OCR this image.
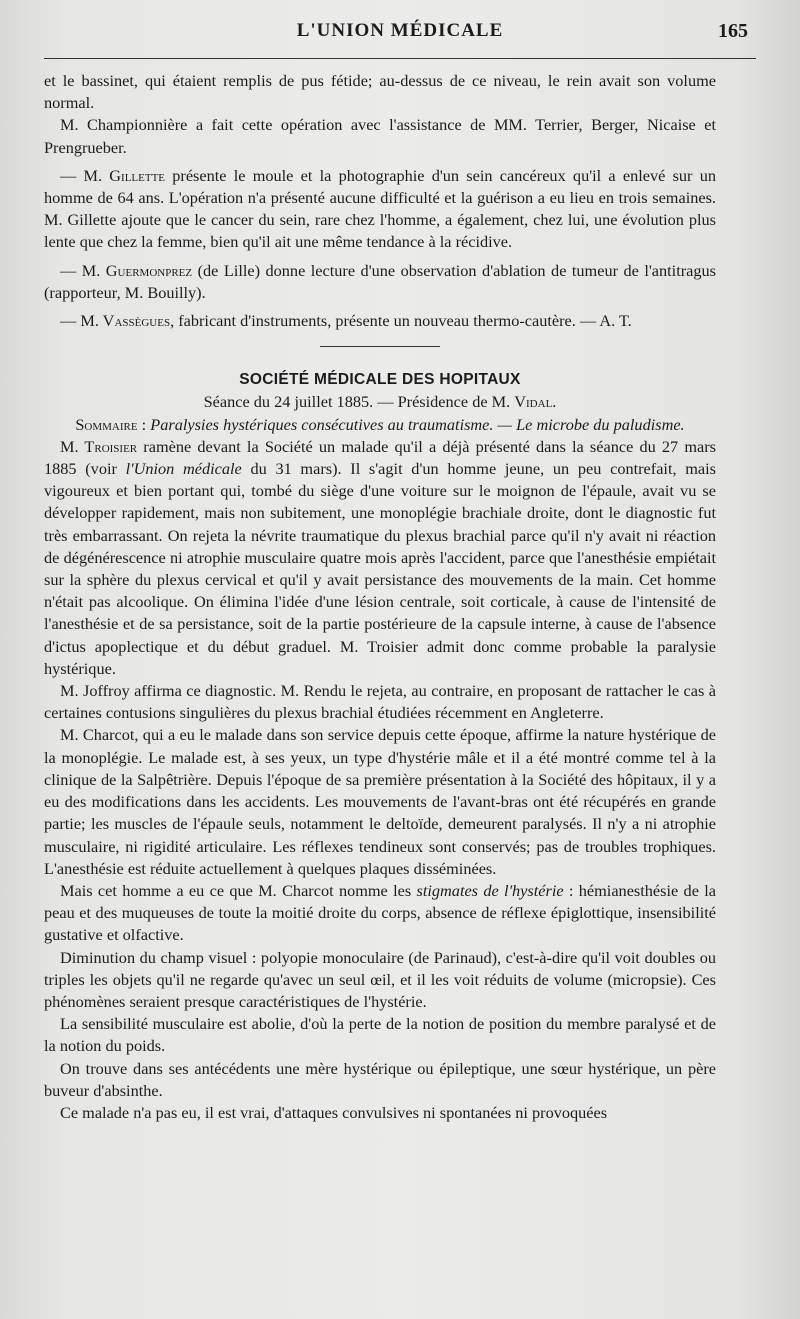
L'UNION MÉDICALE	165

et le bassinet, qui étaient remplis de pus fétide; au-dessus de ce niveau, le rein avait son volume normal.

M. Championnière a fait cette opération avec l'assistance de MM. Terrier, Berger, Nicaise et Prengrueber.

— M. Gillette présente le moule et la photographie d'un sein cancéreux qu'il a enlevé sur un homme de 64 ans. L'opération n'a présenté aucune difficulté et la guérison a eu lieu en trois semaines. M. Gillette ajoute que le cancer du sein, rare chez l'homme, a également, chez lui, une évolution plus lente que chez la femme, bien qu'il ait une même tendance à la récidive.

— M. Guermonprez (de Lille) donne lecture d'une observation d'ablation de tumeur de l'antitragus (rapporteur, M. Bouilly).

— M. Vassègues, fabricant d'instruments, présente un nouveau thermo-cautère. — A. T.

SOCIÉTÉ MÉDICALE DES HOPITAUX

Séance du 24 juillet 1885. — Présidence de M. Vidal.

Sommaire : Paralysies hystériques consécutives au traumatisme. — Le microbe du paludisme.

M. Troisier ramène devant la Société un malade qu'il a déjà présenté dans la séance du 27 mars 1885 (voir l'Union médicale du 31 mars). Il s'agit d'un homme jeune, un peu contrefait, mais vigoureux et bien portant qui, tombé du siège d'une voiture sur le moignon de l'épaule, avait vu se développer rapidement, mais non subitement, une monoplégie brachiale droite, dont le diagnostic fut très embarrassant. On rejeta la névrite traumatique du plexus brachial parce qu'il n'y avait ni réaction de dégénérescence ni atrophie musculaire quatre mois après l'accident, parce que l'anesthésie empiétait sur la sphère du plexus cervical et qu'il y avait persistance des mouvements de la main. Cet homme n'était pas alcoolique. On élimina l'idée d'une lésion centrale, soit corticale, à cause de l'intensité de l'anesthésie et de sa persistance, soit de la partie postérieure de la capsule interne, à cause de l'absence d'ictus apoplectique et du début graduel. M. Troisier admit donc comme probable la paralysie hystérique.

M. Joffroy affirma ce diagnostic. M. Rendu le rejeta, au contraire, en proposant de rattacher le cas à certaines contusions singulières du plexus brachial étudiées récemment en Angleterre.

M. Charcot, qui a eu le malade dans son service depuis cette époque, affirme la nature hystérique de la monoplégie. Le malade est, à ses yeux, un type d'hystérie mâle et il a été montré comme tel à la clinique de la Salpêtrière. Depuis l'époque de sa première présentation à la Société des hôpitaux, il y a eu des modifications dans les accidents. Les mouvements de l'avant-bras ont été récupérés en grande partie; les muscles de l'épaule seuls, notamment le deltoïde, demeurent paralysés. Il n'y a ni atrophie musculaire, ni rigidité articulaire. Les réflexes tendineux sont conservés; pas de troubles trophiques. L'anesthésie est réduite actuellement à quelques plaques disséminées.

Mais cet homme a eu ce que M. Charcot nomme les stigmates de l'hystérie : hémianesthésie de la peau et des muqueuses de toute la moitié droite du corps, absence de réflexe épiglottique, insensibilité gustative et olfactive.

Diminution du champ visuel : polyopie monoculaire (de Parinaud), c'est-à-dire qu'il voit doubles ou triples les objets qu'il ne regarde qu'avec un seul œil, et il les voit réduits de volume (micropsie). Ces phénomènes seraient presque caractéristiques de l'hystérie.

La sensibilité musculaire est abolie, d'où la perte de la notion de position du membre paralysé et de la notion du poids.

On trouve dans ses antécédents une mère hystérique ou épileptique, une sœur hystérique, un père buveur d'absinthe.

Ce malade n'a pas eu, il est vrai, d'attaques convulsives ni spontanées ni provoquées
